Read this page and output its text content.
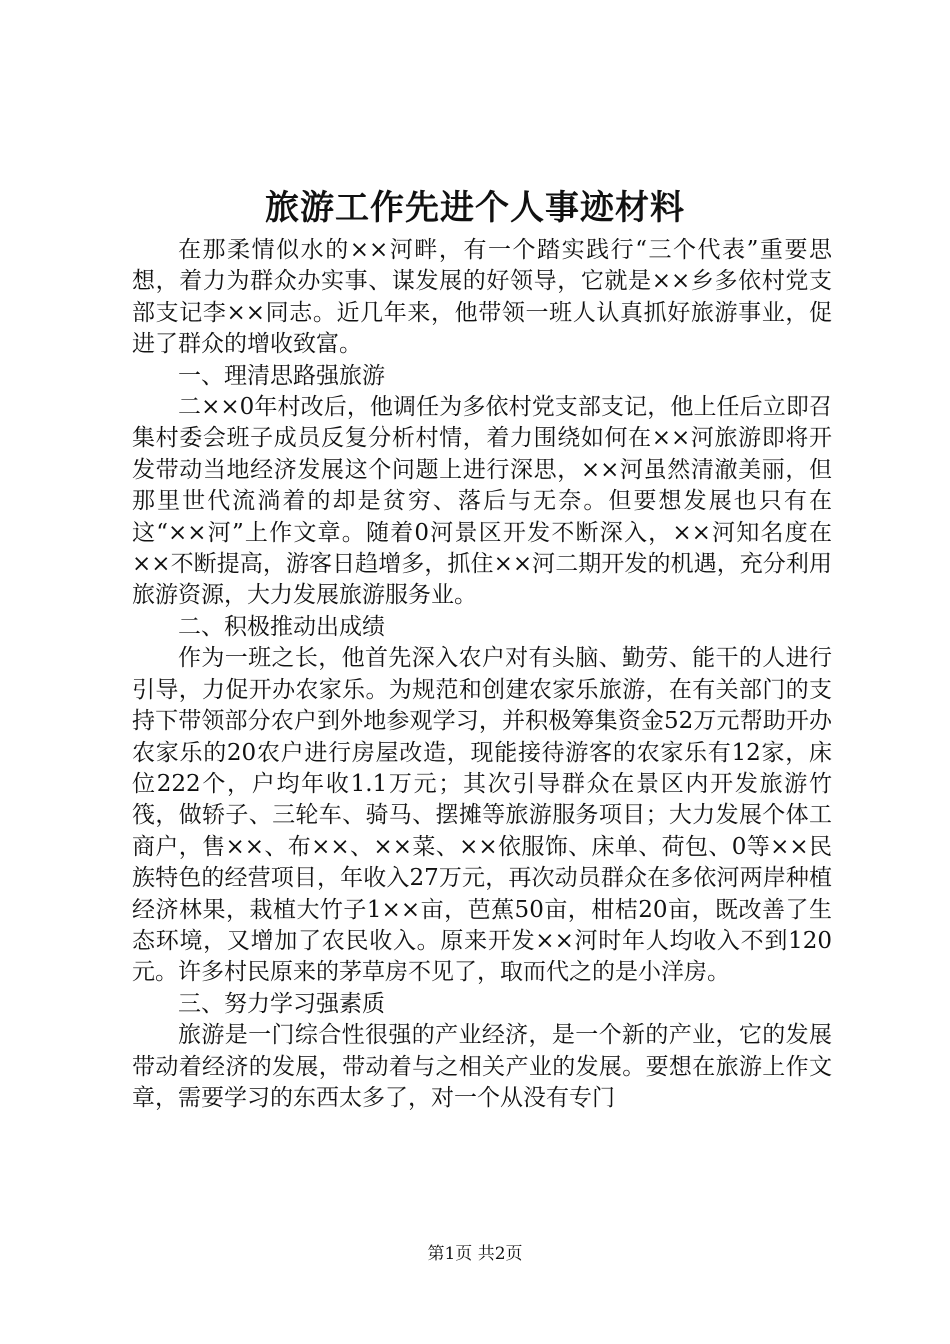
旅游工作先进个人事迹材料

在那柔情似水的××河畔，有一个踏实践行“三个代表”重要思想，着力为群众办实事、谋发展的好领导，它就是××乡多依村党支部支记李××同志。近几年来，他带领一班人认真抓好旅游事业，促进了群众的增收致富。

一、理清思路强旅游

二××0年村改后，他调任为多依村党支部支记，他上任后立即召集村委会班子成员反复分析村情，着力围绕如何在××河旅游即将开发带动当地经济发展这个问题上进行深思，××河虽然清澈美丽，但那里世代流淌着的却是贫穷、落后与无奈。但要想发展也只有在这“××河”上作文章。随着0河景区开发不断深入，××河知名度在××不断提高，游客日趋增多，抓住××河二期开发的机遇，充分利用旅游资源，大力发展旅游服务业。

二、积极推动出成绩

作为一班之长，他首先深入农户对有头脑、勤劳、能干的人进行引导，力促开办农家乐。为规范和创建农家乐旅游，在有关部门的支持下带领部分农户到外地参观学习，并积极筹集资金52万元帮助开办农家乐的20农户进行房屋改造，现能接待游客的农家乐有12家，床位222个，户均年收1.1万元；其次引导群众在景区内开发旅游竹筏，做轿子、三轮车、骑马、摆摊等旅游服务项目；大力发展个体工商户，售××、布××、××菜、××依服饰、床单、荷包、0等××民族特色的经营项目，年收入27万元，再次动员群众在多依河两岸种植经济林果，栽植大竹子1××亩，芭蕉50亩，柑桔20亩，既改善了生态环境，又增加了农民收入。原来开发××河时年人均收入不到120元。许多村民原来的茅草房不见了，取而代之的是小洋房。

三、努力学习强素质

旅游是一门综合性很强的产业经济，是一个新的产业，它的发展带动着经济的发展，带动着与之相关产业的发展。要想在旅游上作文章，需要学习的东西太多了，对一个从没有专门

第1页 共2页
